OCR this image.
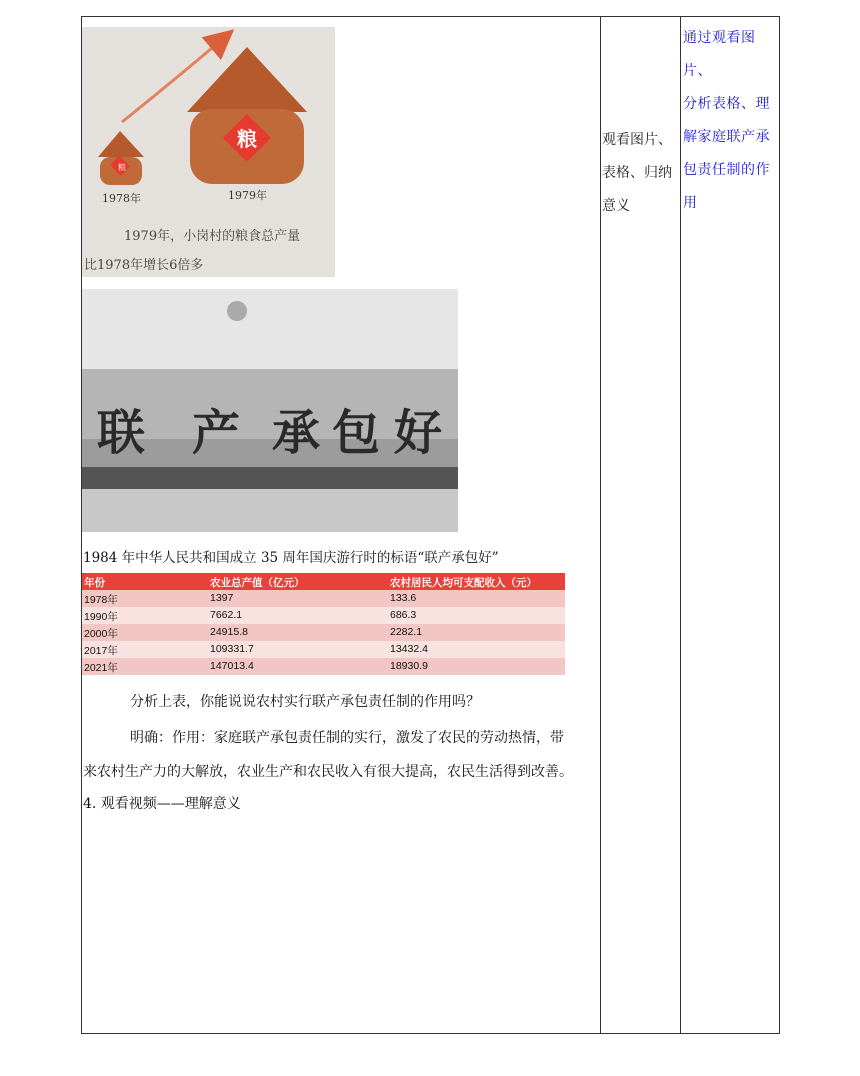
粮
粮
1978年	1979年
1979年，小岗村的粮食总产量
比1978年增长6倍多
联 产 承 包 好
1984 年中华人民共和国成立 35 周年国庆游行时的标语“联产承包好”
年份	农业总产值（亿元）	农村居民人均可支配收入（元）
1978年	1397	133.6
1990年	7662.1	686.3
2000年	24915.8	2282.1
2017年	109331.7	13432.4
2021年	147013.4	18930.9
分析上表，你能说说农村实行联产承包责任制的作用吗？
明确：作用：家庭联产承包责任制的实行，激发了农民的劳动热情，带
来农村生产力的大解放，农业生产和农民收入有很大提高，农民生活得到改善。
4. 观看视频——理解意义
观看图片、
表格、归纳
意义
通过观看图片、
分析表格、理
解家庭联产承
包责任制的作
用
